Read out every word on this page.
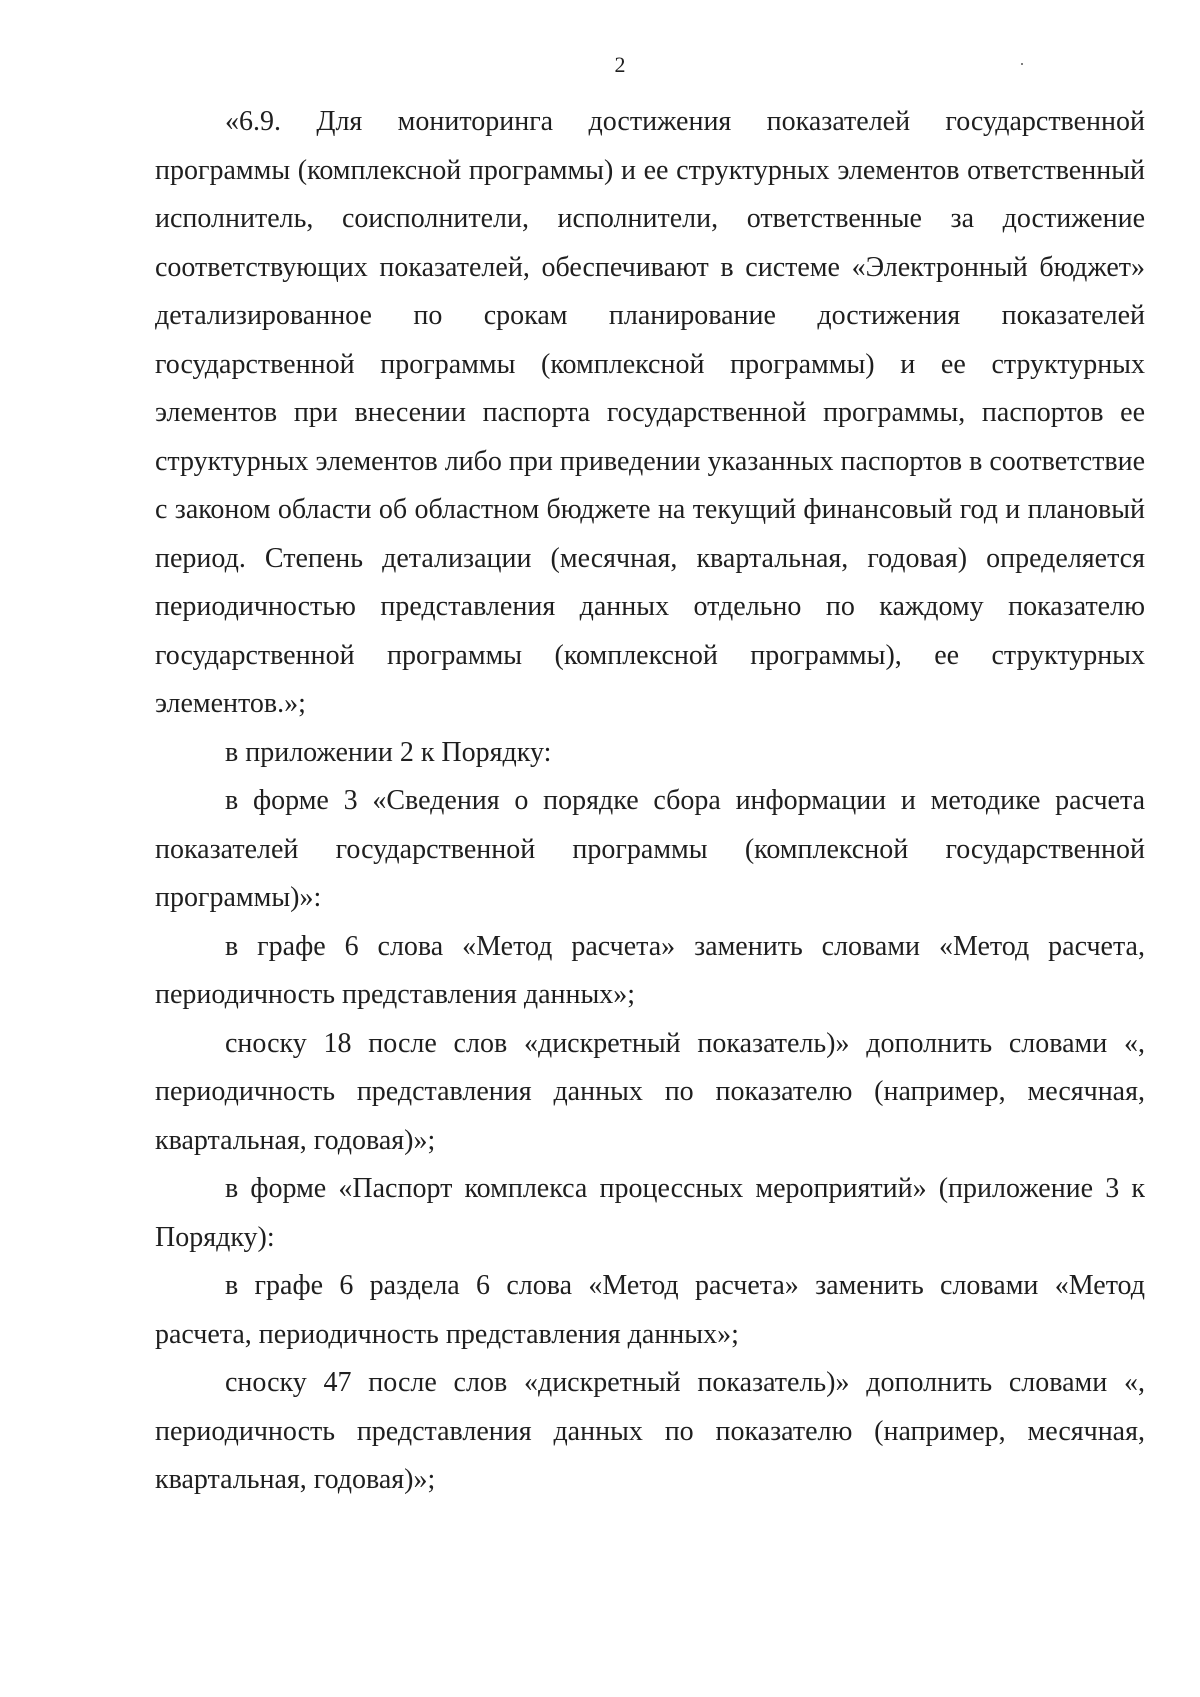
2

«6.9. Для мониторинга достижения показателей государственной программы (комплексной программы) и ее структурных элементов ответственный исполнитель, соисполнители, исполнители, ответственные за достижение соответствующих показателей, обеспечивают в системе «Электронный бюджет» детализированное по срокам планирование достижения показателей государственной программы (комплексной программы) и ее структурных элементов при внесении паспорта государственной программы, паспортов ее структурных элементов либо при приведении указанных паспортов в соответствие с законом области об областном бюджете на текущий финансовый год и плановый период. Степень детализации (месячная, квартальная, годовая) определяется периодичностью представления данных отдельно по каждому показателю государственной программы (комплексной программы), ее структурных элементов.»;

в приложении 2 к Порядку:

в форме 3 «Сведения о порядке сбора информации и методике расчета показателей государственной программы (комплексной государственной программы)»:

в графе 6 слова «Метод расчета» заменить словами «Метод расчета, периодичность представления данных»;

сноску 18 после слов «дискретный показатель)» дополнить словами «, периодичность представления данных по показателю (например, месячная, квартальная, годовая)»;

в форме «Паспорт комплекса процессных мероприятий» (приложение 3 к Порядку):

в графе 6 раздела 6 слова «Метод расчета» заменить словами «Метод расчета, периодичность представления данных»;

сноску 47 после слов «дискретный показатель)» дополнить словами «, периодичность представления данных по показателю (например, месячная, квартальная, годовая)»;
